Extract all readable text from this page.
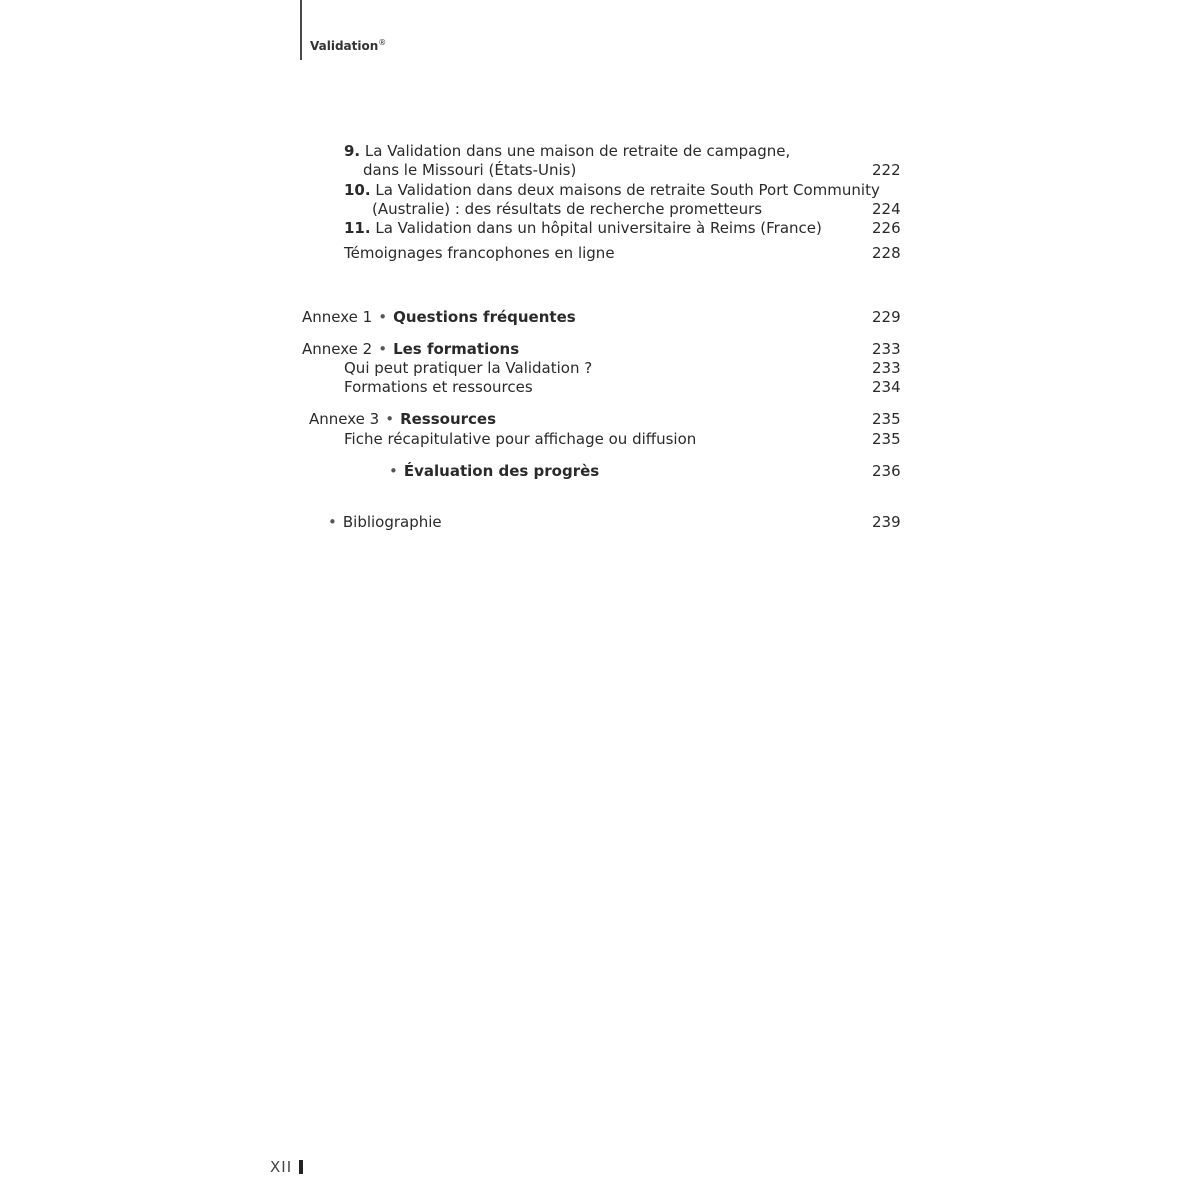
Validation®
9. La Validation dans une maison de retraite de campagne,
dans le Missouri (États-Unis)	222
10. La Validation dans deux maisons de retraite South Port Community
(Australie) : des résultats de recherche prometteurs	224
11. La Validation dans un hôpital universitaire à Reims (France)	226
Témoignages francophones en ligne	228
Annexe 1 • Questions fréquentes	229
Annexe 2 • Les formations	233
Qui peut pratiquer la Validation ?	233
Formations et ressources	234
Annexe 3 • Ressources	235
Fiche récapitulative pour affichage ou diffusion	235
• Évaluation des progrès	236
• Bibliographie	239
XII
